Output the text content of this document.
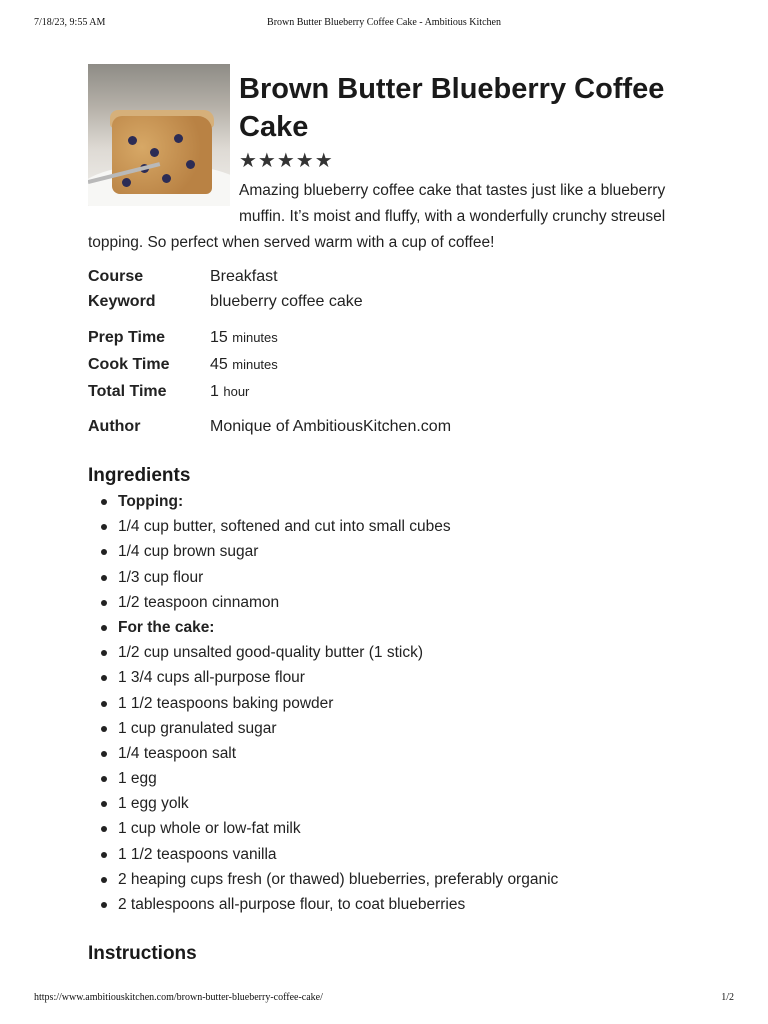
7/18/23, 9:55 AM	Brown Butter Blueberry Coffee Cake - Ambitious Kitchen
Brown Butter Blueberry Coffee Cake
★★★★★

Amazing blueberry coffee cake that tastes just like a blueberry muffin. It’s moist and fluffy, with a wonderfully crunchy streusel topping. So perfect when served warm with a cup of coffee!

Course	Breakfast
Keyword	blueberry coffee cake
Prep Time	15 minutes
Cook Time	45 minutes
Total Time	1 hour
Author	Monique of AmbitiousKitchen.com
Ingredients
Topping:
1/4 cup butter, softened and cut into small cubes
1/4 cup brown sugar
1/3 cup flour
1/2 teaspoon cinnamon
For the cake:
1/2 cup unsalted good-quality butter (1 stick)
1 3/4 cups all-purpose flour
1 1/2 teaspoons baking powder
1 cup granulated sugar
1/4 teaspoon salt
1 egg
1 egg yolk
1 cup whole or low-fat milk
1 1/2 teaspoons vanilla
2 heaping cups fresh (or thawed) blueberries, preferably organic
2 tablespoons all-purpose flour, to coat blueberries
Instructions
https://www.ambitiouskitchen.com/brown-butter-blueberry-coffee-cake/	1/2
